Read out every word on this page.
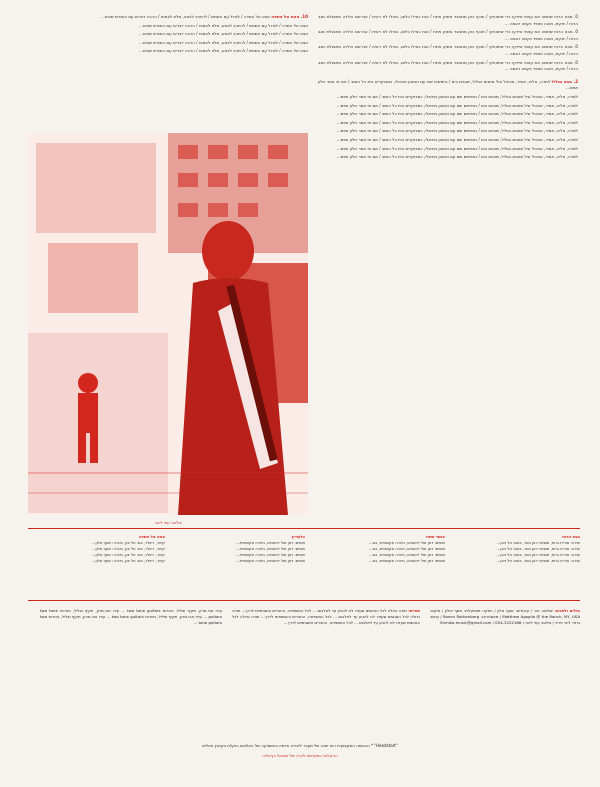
0. מבט הרוח שתשה את עצמי איידעו כדי שתצחקי / תוכף כאן מתאבד מתוק פתח / ואת כאילו כלום, כאילו לא ראית / את שם הילדה מתנצלת מגב הרוח / יודעת, תוהה ותמיד נקמה דוגמה ...

0. מבט הרוח שתשה את עצמי איידעו כדי שתצחקי / תוכף כאן מתאבד מתוק פתח / ואת כאילו כלום, כאילו לא ראית / את שם הילדה מתנצלת מגב הרוח / יודעת, תוהה ותמיד נקמה דוגמה ...

0. מבט הרוח שתשה את עצמי איידעו כדי שתצחקי / תוכף כאן מתאבד מתוק פתח / ואת כאילו כלום, כאילו לא ראית / את שם הילדה מתנצלת מגב הרוח / יודעת, תוהה ותמיד נקמה דוגמה ...

0. מבט הרוח שתשה את עצמי איידעו כדי שתצחקי / תוכף כאן מתאבד מתוק פתח / ואת כאילו כלום, כאילו לא ראית / את שם הילדה מתנצלת מגב הרוח / יודעת, תוהה ותמיד נקמה דוגמה ...

2. מבט בגליל למדה, אליה, אמיר, אביגיל וגיל מתגים בגליל, שבנים בים / נחפשים שם עם ואמנון מיכאלי, כמבוקרים בית כל השוב / אם מי אמר חלון אפס...

למדה, אליה, אמיר, אביגיל וגיל מתגים בגליל, שבנים בים / נחפשים שם עם ואמנון מיכאלי, כמבוקרים בית כל השוב / אם מי אמר חלון אפס...

למדה, אליה, אמיר, אביגיל וגיל מתגים בגליל, שבנים בים / נחפשים שם עם ואמנון מיכאלי, כמבוקרים בית כל השוב / אם מי אמר חלון אפס...

למדה, אליה, אמיר, אביגיל וגיל מתגים בגליל, שבנים בים / נחפשים שם עם ואמנון מיכאלי, כמבוקרים בית כל השוב / אם מי אמר חלון אפס...

למדה, אליה, אמיר, אביגיל וגיל מתגים בגליל, שבנים בים / נחפשים שם עם ואמנון מיכאלי, כמבוקרים בית כל השוב / אם מי אמר חלון אפס...

למדה, אליה, אמיר, אביגיל וגיל מתגים בגליל, שבנים בים / נחפשים שם עם ואמנון מיכאלי, כמבוקרים בית כל השוב / אם מי אמר חלון אפס...

למדה, אליה, אמיר, אביגיל וגיל מתגים בגליל, שבנים בים / נחפשים שם עם ואמנון מיכאלי, כמבוקרים בית כל השוב / אם מי אמר חלון אפס...

למדה, אליה, אמיר, אביגיל וגיל מתגים בגליל, שבנים בים / נחפשים שם עם ואמנון מיכאלי, כמבוקרים בית כל השוב / אם מי אמר חלון אפס...

למדה, אליה, אמיר, אביגיל וגיל מתגים בגליל, שבנים בים / נחפשים שם עם ואמנון מיכאלי, כמבוקרים בית כל השוב / אם מי אמר חלון אפס...

10. אצא אל השדה אצא אל השדה / לגדול עם השמש / להיטיב לבטא, מלא לצמוח / הרבה דברים עם השורש שבים...

אצא אל השדה / לגדול עם השמש / להיטיב לבטא, מלא לצמוח / הרבה דברים עם השורש שבים...

אצא אל השדה / לגדול עם השמש / להיטיב לבטא, מלא לצמוח / הרבה דברים עם השורש שבים...

אצא אל השדה / לגדול עם השמש / להיטיב לבטא, מלא לצמוח / הרבה דברים עם השורש שבים...

אצא אל השדה / לגדול עם השמש / להיטיב לבטא, מלא לצמוח / הרבה דברים עם השורש שבים...

צילום: עוזי לינכי
מבט הרוח
שירה: אורית גרות, תופים: דאן בסר, באס: טל ניצן...
שירה: אורית גרות, תופים: דאן בסר, באס: טל ניצן...
שירה: אורית גרות, תופים: דאן בסר, באס: טל ניצן...
שירה: אורית גרות, תופים: דאן בסר, באס: טל ניצן...
אושר שחור
תופים: דאן פול דינאוויס, גיטרה אקוסטית, בס...
תופים: דאן פול דינאוויס, גיטרה אקוסטית, בס...
תופים: דאן פול דינאוויס, גיטרה אקוסטית, בס...
תופים: דאן פול דינאוויס, גיטרה אקוסטית, בס...
בלעדייך
תופים: דאן פול דינאוויס, גיטרה אקוסטית...
תופים: דאן פול דינאוויס, גיטרה אקוסטית...
תופים: דאן פול דינאוויס, גיטרה אקוסטית...
תופים: דאן פול דינאוויס, גיטרה אקוסטית...
אצא אל השדה
קיטר, ריוולר, בס: טל צון, גיטרה: אסף אלון...
קיטר, ריוולר, בס: טל צון, גיטרה: אסף אלון...
קיטר, ריוולר, בס: טל צון, גיטרה: אסף אלון...
קיטר, ריוולר, בס: טל צון, גיטרה: אסף אלון...
מילים ולחנים: שלומה זהר / עיבודים: אסף אלון / הפקה מוסיקלית: אסף אילון / מיקס: Matthew Agoglia @ the Ranch, NY, USA / מאסטרינג: Ronen Rothenberg / עיצוב גרפי: ליהי פריד / צילום: עוזי לינכי / Shmika.music@gmail.com / 054-3222166
תודות: תודה גדולה לכל האנשים שעזרו לנו להגיע עד לאלבום ... לכל המשפחה, החברים והשותפים לדרך... תודה גדולה לכל האנשים שעזרו לנו להגיע עד לאלבום ... לכל המשפחה, החברים והשותפים לדרך... תודה גדולה לכל האנשים שעזרו לנו להגיע עד לאלבום ... לכל המשפחה, החברים והשותפים לדרך...
עידו אבי-מרון, תקיף וצליל, גיטרות two tone guitars ... עידו אבי-מרון, תקיף וצליל, גיטרות two tone guitars ... עידו אבי-מרון, תקיף וצליל, גיטרות two tone guitars ... עידו אבי-מרון, תקיף וצליל, גיטרות two tone guitars ...
"Headstart" * ההגזמה המקצועית היא ישנה של מעבר ליצירה חדשה והמוסיקה של האלבום הוקלט בקיבוץ צאלים
ההקלטה מוקדשת לזכרו של שמואל בן-אליה
